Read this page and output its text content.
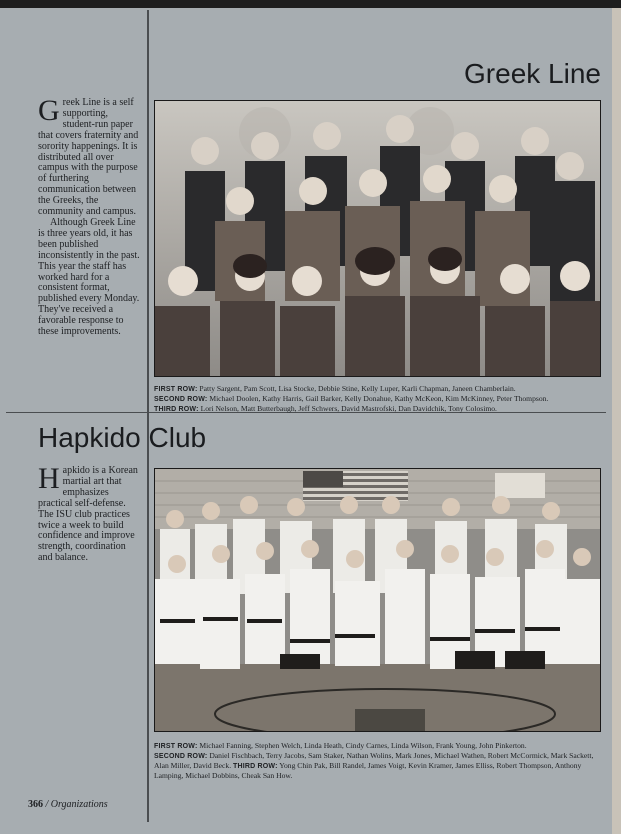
Greek Line

Greek Line is a self supporting, student-run paper that covers fraternity and sorority happenings. It is distributed all over campus with the purpose of furthering communication between the Greeks, the community and campus.

Although Greek Line is three years old, it has been published inconsistently in the past. This year the staff has worked hard for a consistent format, published every Monday. They've received a favorable response to these improvements.

FIRST ROW: Patty Sargent, Pam Scott, Lisa Stocke, Debbie Stine, Kelly Luper, Karli Chapman, Janeen Chamberlain.
SECOND ROW: Michael Doolen, Kathy Harris, Gail Barker, Kelly Donahue, Kathy McKeon, Kim McKinney, Peter Thompson.
THIRD ROW: Lori Nelson, Matt Butterbaugh, Jeff Schwers, David Mastrofski, Dan Davidchik, Tony Colosimo.
Hapkido Club

Hapkido is a Korean martial art that emphasizes practical self-defense. The ISU club practices twice a week to build confidence and improve strength, coordination and balance.

FIRST ROW: Michael Fanning, Stephen Welch, Linda Heath, Cindy Carnes, Linda Wilson, Frank Young, John Pinkerton.
SECOND ROW: Daniel Fischbach, Terry Jacobs, Sam Staker, Nathan Wolins, Mark Jones, Michael Wathen, Robert McCormick, Mark Sackett, Alan Miller, David Beck. THIRD ROW: Yong Chin Pak, Bill Randel, James Voigt, Kevin Kramer, James Elliss, Robert Thompson, Anthony Lamping, Michael Dobbins, Cheak San How.
366 / Organizations
